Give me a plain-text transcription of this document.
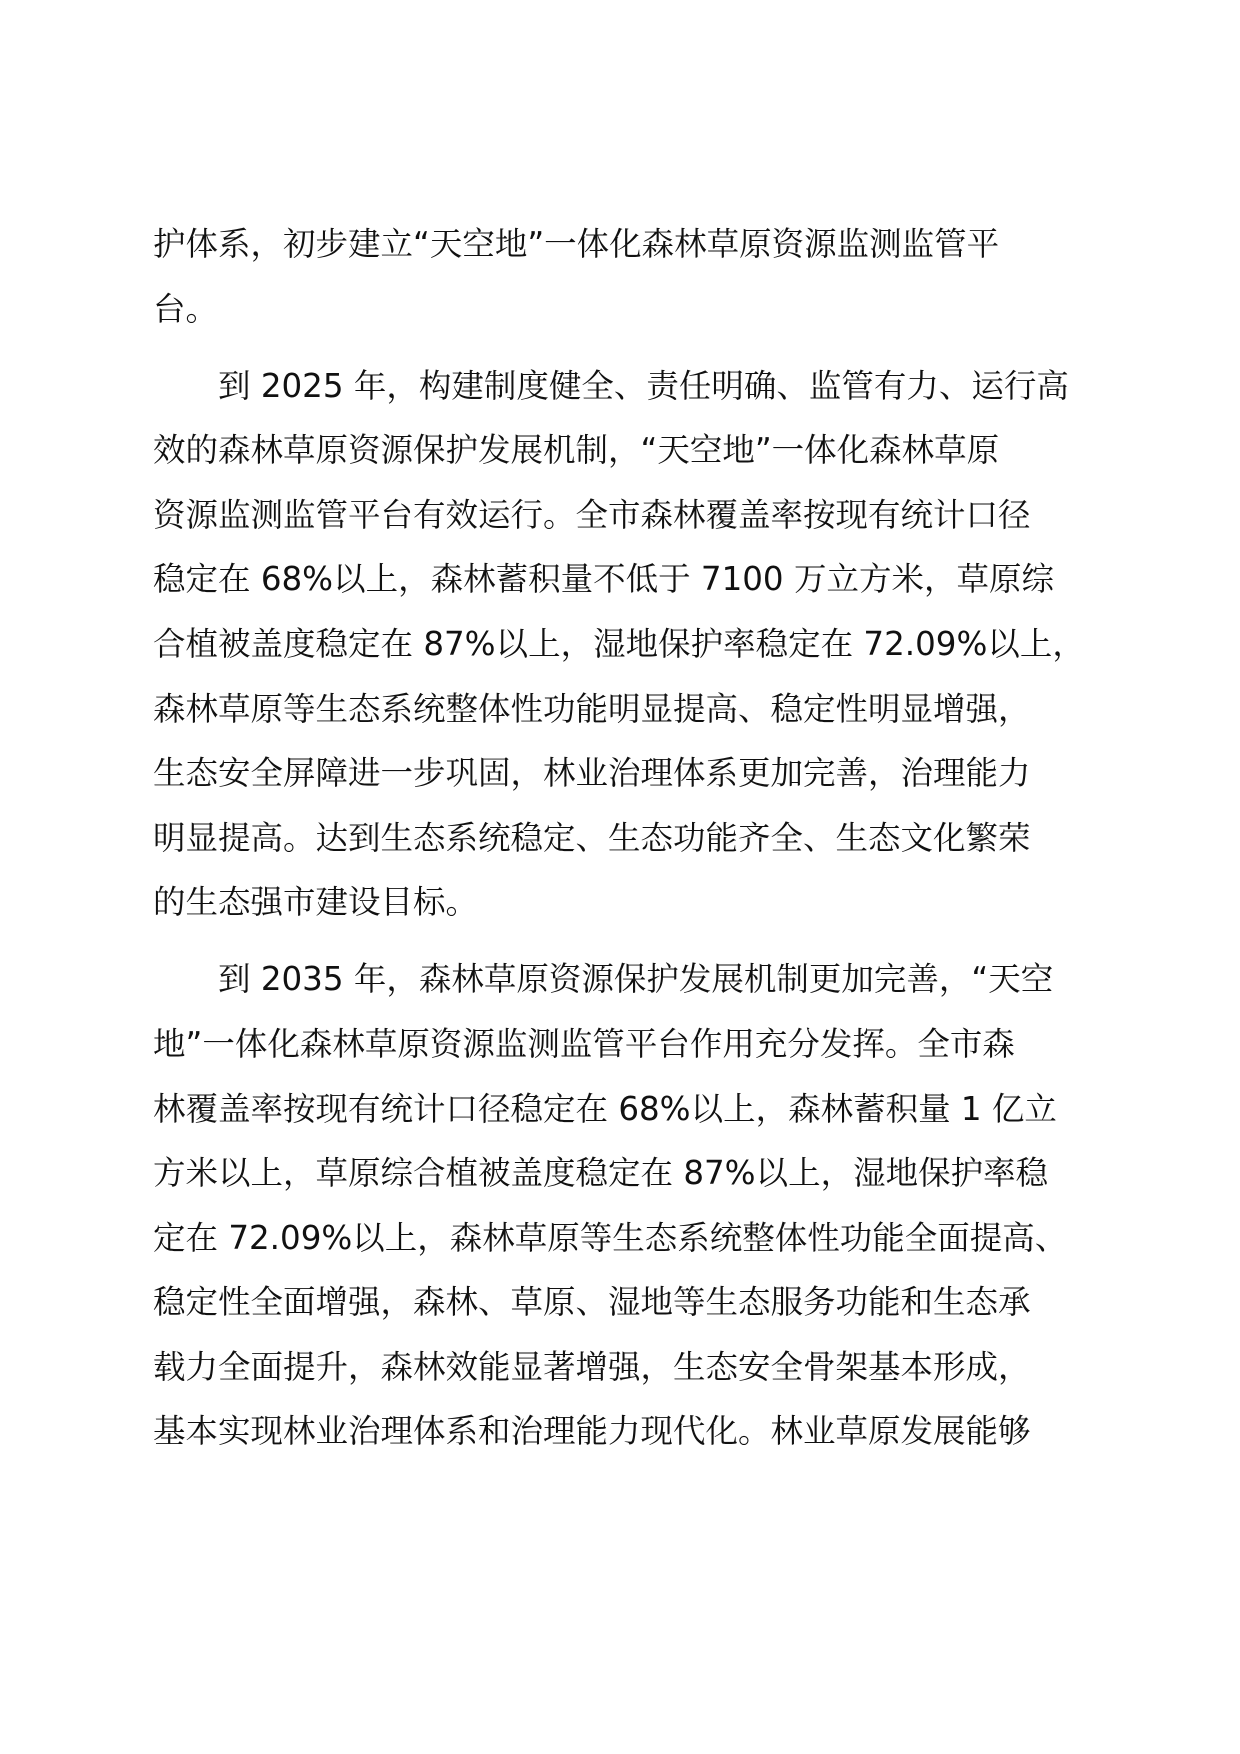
护体系，初步建立“天空地”一体化森林草原资源监测监管平
台。
到 2025 年，构建制度健全、责任明确、监管有力、运行高
效的森林草原资源保护发展机制，“天空地”一体化森林草原
资源监测监管平台有效运行。全市森林覆盖率按现有统计口径
稳定在 68%以上，森林蓄积量不低于 7100 万立方米，草原综
合植被盖度稳定在 87%以上，湿地保护率稳定在 72.09%以上，
森林草原等生态系统整体性功能明显提高、稳定性明显增强，
生态安全屏障进一步巩固，林业治理体系更加完善，治理能力
明显提高。达到生态系统稳定、生态功能齐全、生态文化繁荣
的生态强市建设目标。
到 2035 年，森林草原资源保护发展机制更加完善，“天空
地”一体化森林草原资源监测监管平台作用充分发挥。全市森
林覆盖率按现有统计口径稳定在 68%以上，森林蓄积量 1 亿立
方米以上，草原综合植被盖度稳定在 87%以上，湿地保护率稳
定在 72.09%以上，森林草原等生态系统整体性功能全面提高、
稳定性全面增强，森林、草原、湿地等生态服务功能和生态承
载力全面提升，森林效能显著增强，生态安全骨架基本形成，
基本实现林业治理体系和治理能力现代化。林业草原发展能够
